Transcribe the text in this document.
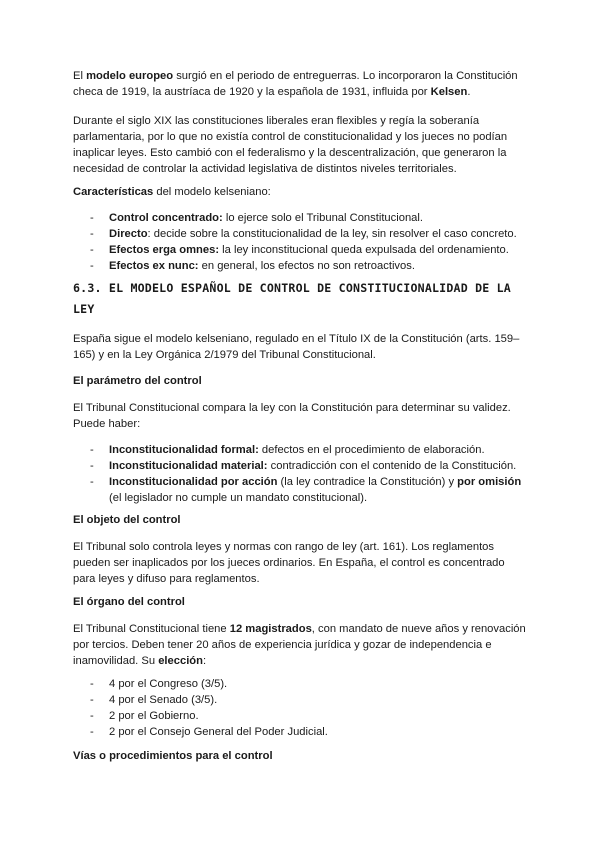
El modelo europeo surgió en el periodo de entreguerras. Lo incorporaron la Constitución checa de 1919, la austríaca de 1920 y la española de 1931, influida por Kelsen.

Durante el siglo XIX las constituciones liberales eran flexibles y regía la soberanía parlamentaria, por lo que no existía control de constitucionalidad y los jueces no podían inaplicar leyes. Esto cambió con el federalismo y la descentralización, que generaron la necesidad de controlar la actividad legislativa de distintos niveles territoriales.

Características del modelo kelseniano:

- Control concentrado: lo ejerce solo el Tribunal Constitucional.
- Directo: decide sobre la constitucionalidad de la ley, sin resolver el caso concreto.
- Efectos erga omnes: la ley inconstitucional queda expulsada del ordenamiento.
- Efectos ex nunc: en general, los efectos no son retroactivos.

6.3. EL MODELO ESPAÑOL DE CONTROL DE CONSTITUCIONALIDAD DE LA LEY

España sigue el modelo kelseniano, regulado en el Título IX de la Constitución (arts. 159–165) y en la Ley Orgánica 2/1979 del Tribunal Constitucional.

El parámetro del control

El Tribunal Constitucional compara la ley con la Constitución para determinar su validez. Puede haber:

- Inconstitucionalidad formal: defectos en el procedimiento de elaboración.
- Inconstitucionalidad material: contradicción con el contenido de la Constitución.
- Inconstitucionalidad por acción (la ley contradice la Constitución) y por omisión (el legislador no cumple un mandato constitucional).

El objeto del control

El Tribunal solo controla leyes y normas con rango de ley (art. 161). Los reglamentos pueden ser inaplicados por los jueces ordinarios. En España, el control es concentrado para leyes y difuso para reglamentos.

El órgano del control

El Tribunal Constitucional tiene 12 magistrados, con mandato de nueve años y renovación por tercios. Deben tener 20 años de experiencia jurídica y gozar de independencia e inamovilidad. Su elección:

- 4 por el Congreso (3/5).
- 4 por el Senado (3/5).
- 2 por el Gobierno.
- 2 por el Consejo General del Poder Judicial.

Vías o procedimientos para el control
